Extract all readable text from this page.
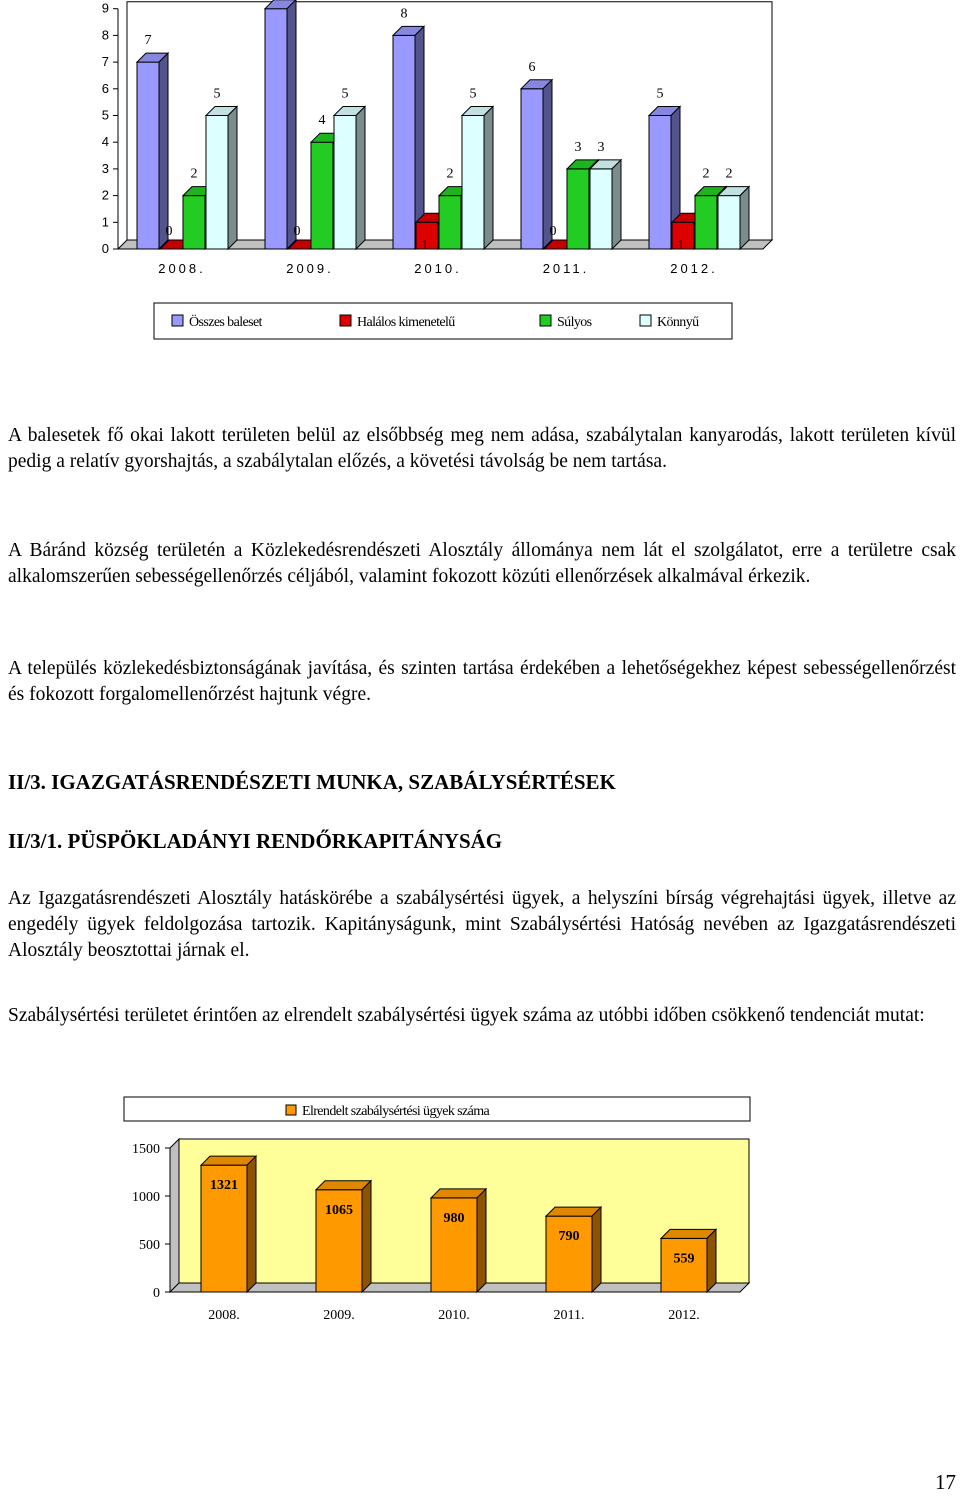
0
1
2
3
4
5
6
7
8
9
2008.
7
0
2
5
2009.
0
4
5
2010.
8
1
2
5
2011.
6
0
3 3
2012.
5
1
2 2
Összes baleset	Halálos kimenetelű	Súlyos	Könnyű

A balesetek fő okai lakott területen belül az elsőbbség meg nem adása, szabálytalan kanyarodás, lakott területen kívül pedig a relatív gyorshajtás, a szabálytalan előzés, a követési távolság be nem tartása.

A Báránd község területén a Közlekedésrendészeti Alosztály állománya nem lát el szolgálatot, erre a területre csak alkalomszerűen sebességellenőrzés céljából, valamint fokozott közúti ellenőrzések alkalmával érkezik.

A település közlekedésbiztonságának javítása, és szinten tartása érdekében a lehetőségekhez képest sebességellenőrzést és fokozott forgalomellenőrzést hajtunk végre.

II/3. IGAZGATÁSRENDÉSZETI MUNKA, SZABÁLYSÉRTÉSEK
II/3/1. PÜSPÖKLADÁNYI RENDŐRKAPITÁNYSÁG

Az Igazgatásrendészeti Alosztály hatáskörébe a szabálysértési ügyek, a helyszíni bírság végrehajtási ügyek, illetve az engedély ügyek feldolgozása tartozik. Kapitányságunk, mint Szabálysértési Hatóság nevében az Igazgatásrendészeti Alosztály beosztottai járnak el.

Szabálysértési területet érintően az elrendelt szabálysértési ügyek száma az utóbbi időben csökkenő tendenciát mutat:

Elrendelt szabálysértési ügyek száma
0
500
1000
1500
1321
2008.
1065
2009.
980
2010.
790
2011.
559
2012.
17
